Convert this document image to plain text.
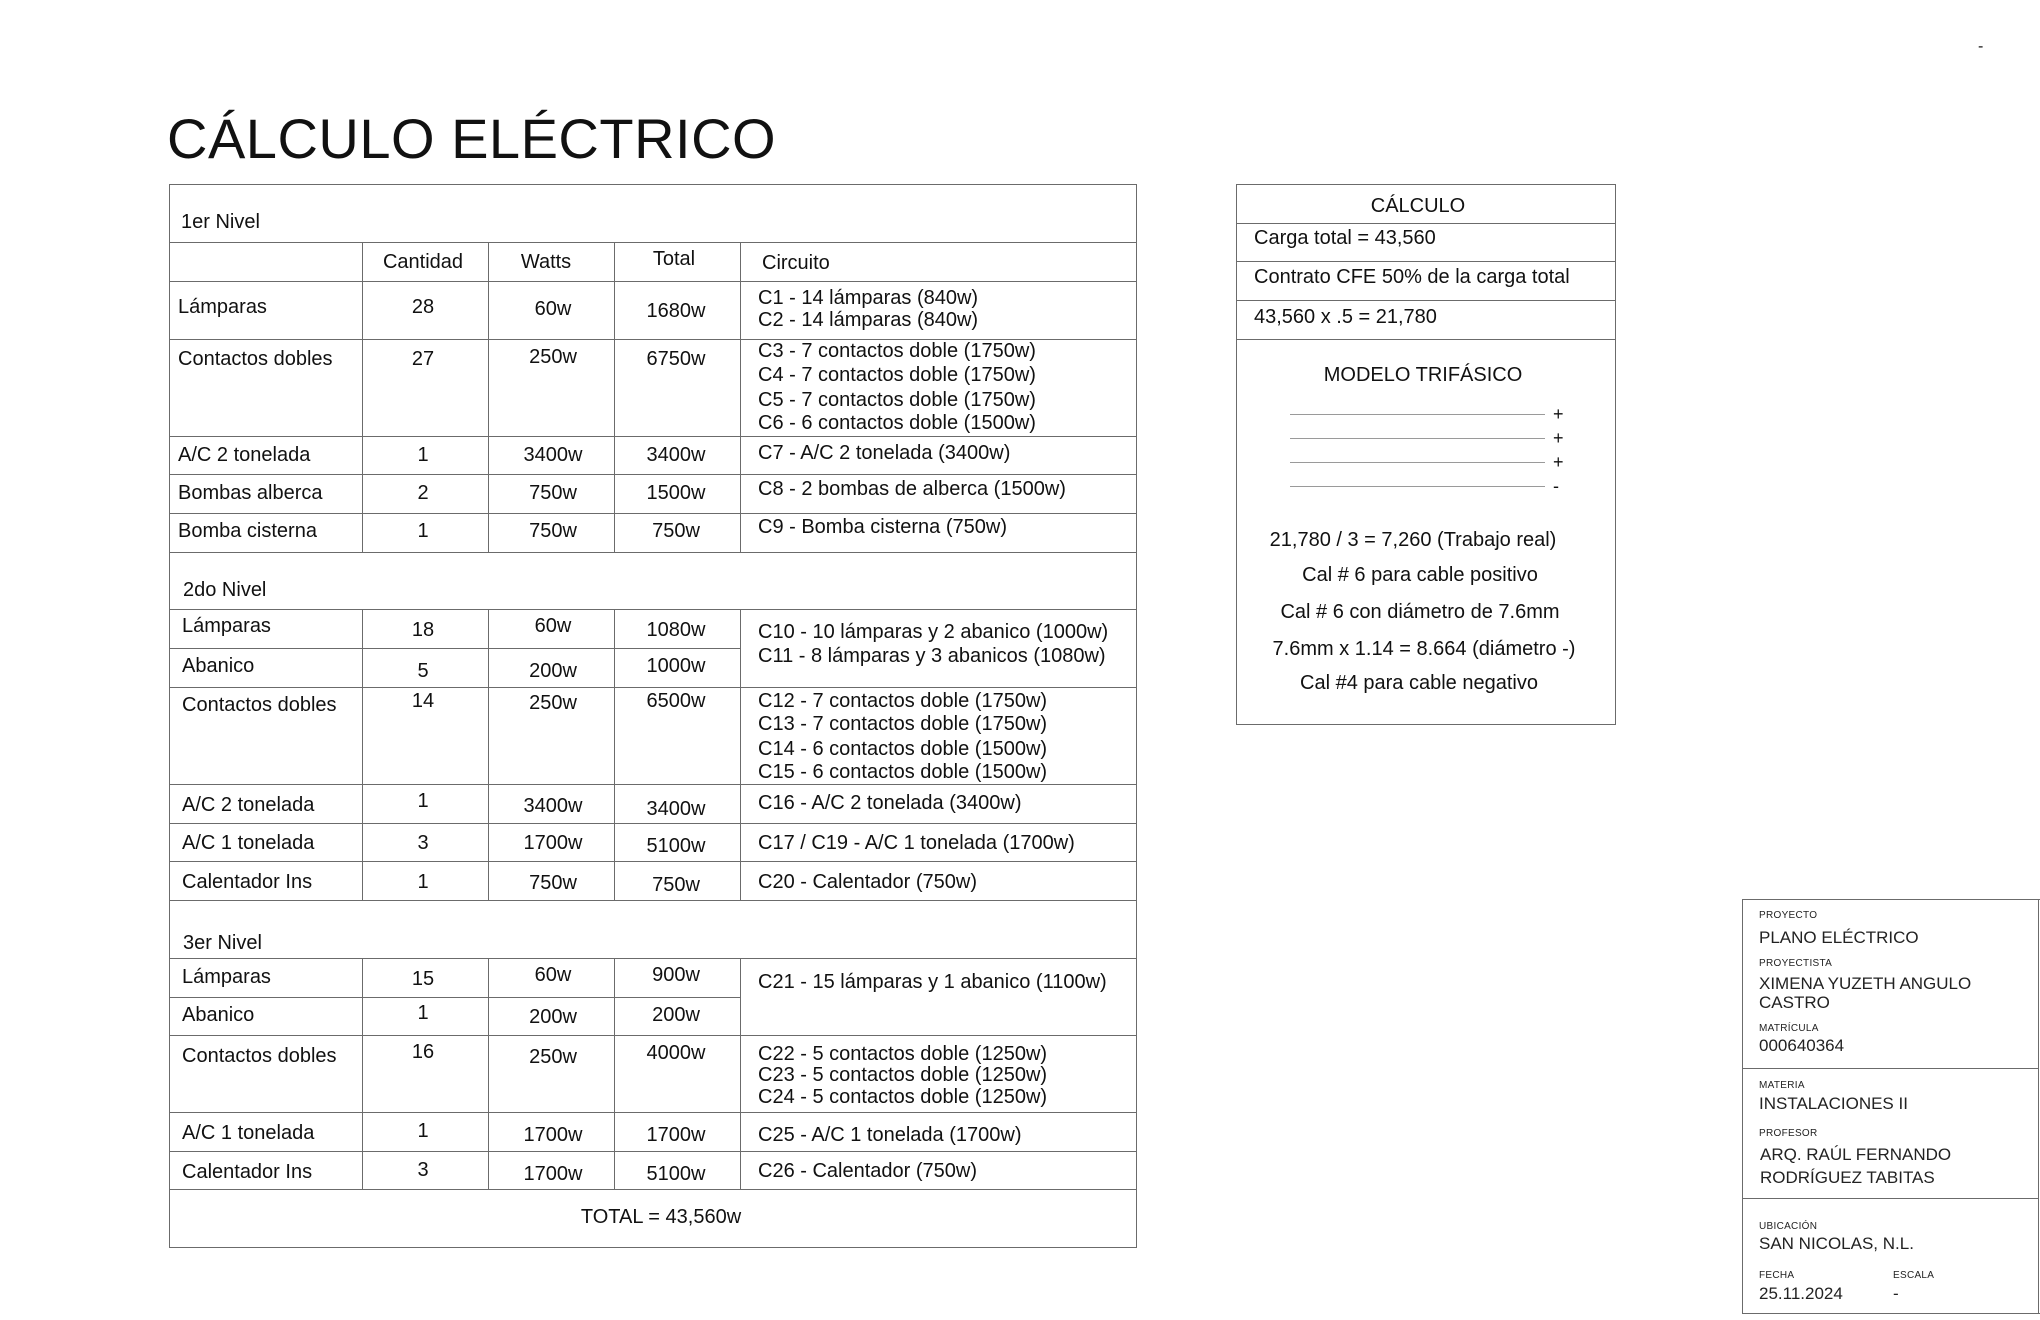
CÁLCULO ELÉCTRICO
-
Cantidad	Watts	Total	Circuito
1er Nivel
Lámparas	28	60w	1680w
C1 - 14 lámparas (840w)
C2 - 14 lámparas (840w)
Contactos dobles	27	250w	6750w	C3 - 7 contactos doble (1750w)
C4 - 7 contactos doble (1750w)
C5 - 7 contactos doble (1750w)
C6 - 6 contactos doble (1500w)
A/C 2 tonelada	1	3400w	3400w	C7 - A/C 2 tonelada (3400w)
Bombas alberca	2	750w	1500w	C8 - 2 bombas de alberca (1500w)
Bomba cisterna	1	750w	750w	C9 - Bomba cisterna (750w)
2do Nivel
Lámparas	18	60w	1080w	C10 - 10 lámparas y 2 abanico (1000w)
C11 - 8 lámparas y 3 abanicos (1080w)
Abanico	5	200w	1000w
Contactos dobles	14	250w	6500w	C12 - 7 contactos doble (1750w)
C13 - 7 contactos doble (1750w)
C14 - 6 contactos doble (1500w)
C15 - 6 contactos doble (1500w)
A/C 2 tonelada	1	3400w	3400w	C16 - A/C 2 tonelada (3400w)
A/C 1 tonelada	3	1700w	5100w	C17 / C19 - A/C 1 tonelada (1700w)
Calentador Ins	1	750w	750w	C20 - Calentador (750w)
3er Nivel
Lámparas	15	60w	900w	C21 - 15 lámparas y 1 abanico (1100w)
Abanico	1	200w	200w
Contactos dobles	16	250w	4000w	C22 - 5 contactos doble (1250w)
C23 - 5 contactos doble (1250w)
C24 - 5 contactos doble (1250w)
A/C 1 tonelada	1	1700w	1700w	C25 - A/C 1 tonelada (1700w)
Calentador Ins	3	1700w	5100w	C26 - Calentador (750w)
TOTAL = 43,560w
CÁLCULO
Carga total = 43,560
Contrato CFE 50% de la carga total
43,560 x .5 = 21,780
MODELO TRIFÁSICO
+
+
+
-
21,780 / 3 = 7,260 (Trabajo real)
Cal # 6 para cable positivo
Cal # 6 con diámetro de 7.6mm
7.6mm x 1.14 = 8.664 (diámetro -)
Cal #4 para cable negativo
PROYECTO
PLANO ELÉCTRICO
PROYECTISTA
XIMENA YUZETH ANGULO
CASTRO
MATRÍCULA
000640364
MATERIA
INSTALACIONES II
PROFESOR
ARQ. RAÚL FERNANDO
RODRÍGUEZ TABITAS
UBICACIÓN
SAN NICOLAS, N.L.
FECHA
25.11.2024
ESCALA
-
